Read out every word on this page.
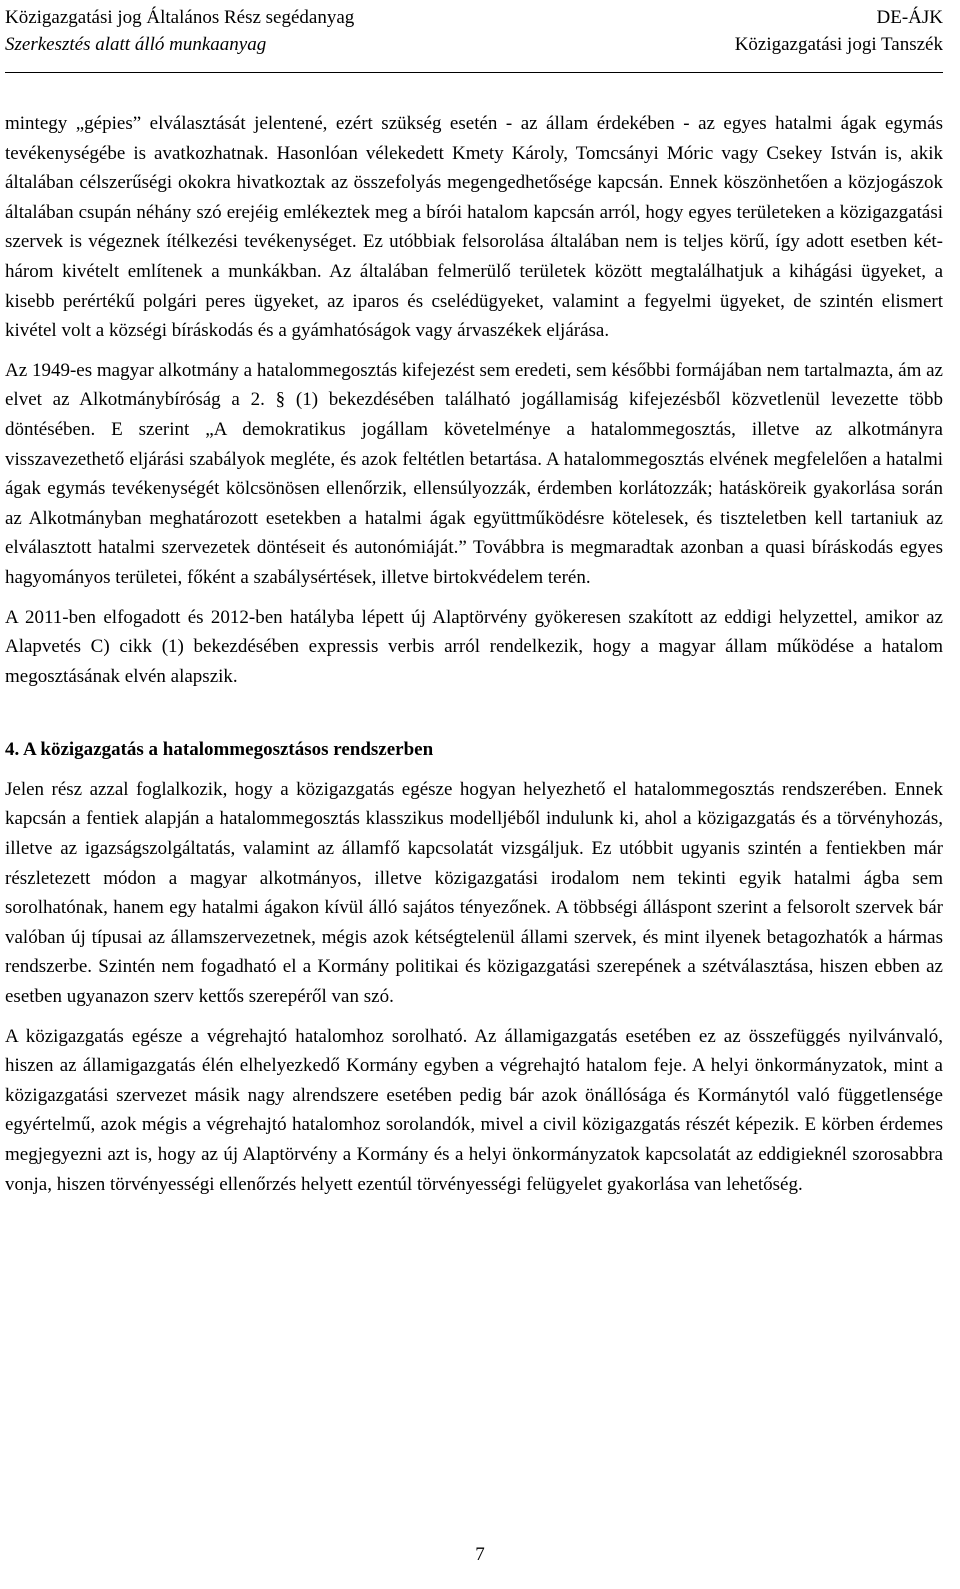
Közigazgatási jog Általános Rész segédanyag
Szerkesztés alatt álló munkaanyag
DE-ÁJK
Közigazgatási jogi Tanszék

mintegy „gépies” elválasztását jelentené, ezért szükség esetén - az állam érdekében - az egyes hatalmi ágak egymás tevékenységébe is avatkozhatnak. Hasonlóan vélekedett Kmety Károly, Tomcsányi Móric vagy Csekey István is, akik általában célszerűségi okokra hivatkoztak az összefolyás megengedhetősége kapcsán. Ennek köszönhetően a közjogászok általában csupán néhány szó erejéig emlékeztek meg a bírói hatalom kapcsán arról, hogy egyes területeken a közigazgatási szervek is végeznek ítélkezési tevékenységet. Ez utóbbiak felsorolása általában nem is teljes körű, így adott esetben két-három kivételt említenek a munkákban. Az általában felmerülő területek között megtalálhatjuk a kihágási ügyeket, a kisebb perértékű polgári peres ügyeket, az iparos és cselédügyeket, valamint a fegyelmi ügyeket, de szintén elismert kivétel volt a községi bíráskodás és a gyámhatóságok vagy árvaszékek eljárása.

Az 1949-es magyar alkotmány a hatalommegosztás kifejezést sem eredeti, sem későbbi formájában nem tartalmazta, ám az elvet az Alkotmánybíróság a 2. § (1) bekezdésében található jogállamiság kifejezésből közvetlenül levezette több döntésében. E szerint „A demokratikus jogállam követelménye a hatalommegosztás, illetve az alkotmányra visszavezethető eljárási szabályok megléte, és azok feltétlen betartása. A hatalommegosztás elvének megfelelően a hatalmi ágak egymás tevékenységét kölcsönösen ellenőrzik, ellensúlyozzák, érdemben korlátozzák; hatásköreik gyakorlása során az Alkotmányban meghatározott esetekben a hatalmi ágak együttműködésre kötelesek, és tiszteletben kell tartaniuk az elválasztott hatalmi szervezetek döntéseit és autonómiáját.” Továbbra is megmaradtak azonban a quasi bíráskodás egyes hagyományos területei, főként a szabálysértések, illetve birtokvédelem terén.

A 2011-ben elfogadott és 2012-ben hatályba lépett új Alaptörvény gyökeresen szakított az eddigi helyzettel, amikor az Alapvetés C) cikk (1) bekezdésében expressis verbis arról rendelkezik, hogy a magyar állam működése a hatalom megosztásának elvén alapszik.

4. A közigazgatás a hatalommegosztásos rendszerben

Jelen rész azzal foglalkozik, hogy a közigazgatás egésze hogyan helyezhető el hatalommegosztás rendszerében. Ennek kapcsán a fentiek alapján a hatalommegosztás klasszikus modelljéből indulunk ki, ahol a közigazgatás és a törvényhozás, illetve az igazságszolgáltatás, valamint az államfő kapcsolatát vizsgáljuk. Ez utóbbit ugyanis szintén a fentiekben már részletezett módon a magyar alkotmányos, illetve közigazgatási irodalom nem tekinti egyik hatalmi ágba sem sorolhatónak, hanem egy hatalmi ágakon kívül álló sajátos tényezőnek. A többségi álláspont szerint a felsorolt szervek bár valóban új típusai az államszervezetnek, mégis azok kétségtelenül állami szervek, és mint ilyenek betagozhatók a hármas rendszerbe. Szintén nem fogadható el a Kormány politikai és közigazgatási szerepének a szétválasztása, hiszen ebben az esetben ugyanazon szerv kettős szerepéről van szó.

A közigazgatás egésze a végrehajtó hatalomhoz sorolható. Az államigazgatás esetében ez az összefüggés nyilvánvaló, hiszen az államigazgatás élén elhelyezkedő Kormány egyben a végrehajtó hatalom feje. A helyi önkormányzatok, mint a közigazgatási szervezet másik nagy alrendszere esetében pedig bár azok önállósága és Kormánytól való függetlensége egyértelmű, azok mégis a végrehajtó hatalomhoz sorolandók, mivel a civil közigazgatás részét képezik. E körben érdemes megjegyezni azt is, hogy az új Alaptörvény a Kormány és a helyi önkormányzatok kapcsolatát az eddigieknél szorosabbra vonja, hiszen törvényességi ellenőrzés helyett ezentúl törvényességi felügyelet gyakorlása van lehetőség.

7
